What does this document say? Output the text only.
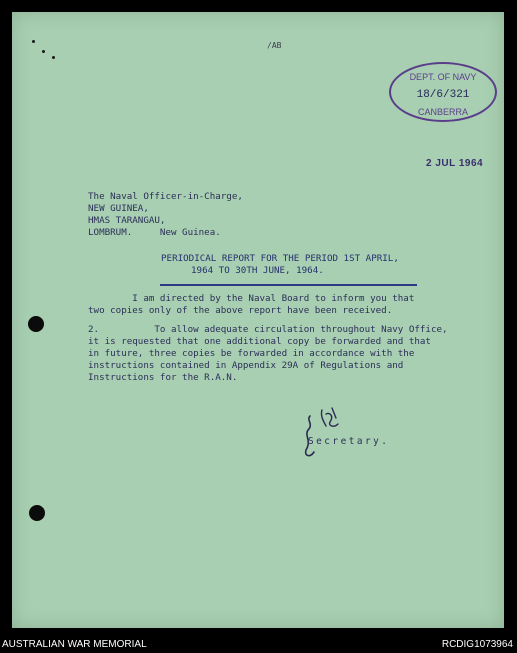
/AB
DEPT. OF NAVY
18/6/321
CANBERRA
2 JUL 1964
The Naval Officer-in-Charge,
NEW GUINEA,
HMAS TARANGAU,
LOMBRUM.     New Guinea.
PERIODICAL REPORT FOR THE PERIOD 1ST APRIL,
1964 TO 30TH JUNE, 1964.
I am directed by the Naval Board to inform you that
two copies only of the above report have been received.
2.          To allow adequate circulation throughout Navy Office,
it is requested that one additional copy be forwarded and that
in future, three copies be forwarded in accordance with the
instructions contained in Appendix 29A of Regulations and
Instructions for the R.A.N.
Secretary.
AUSTRALIAN WAR MEMORIAL	RCDIG1073964
